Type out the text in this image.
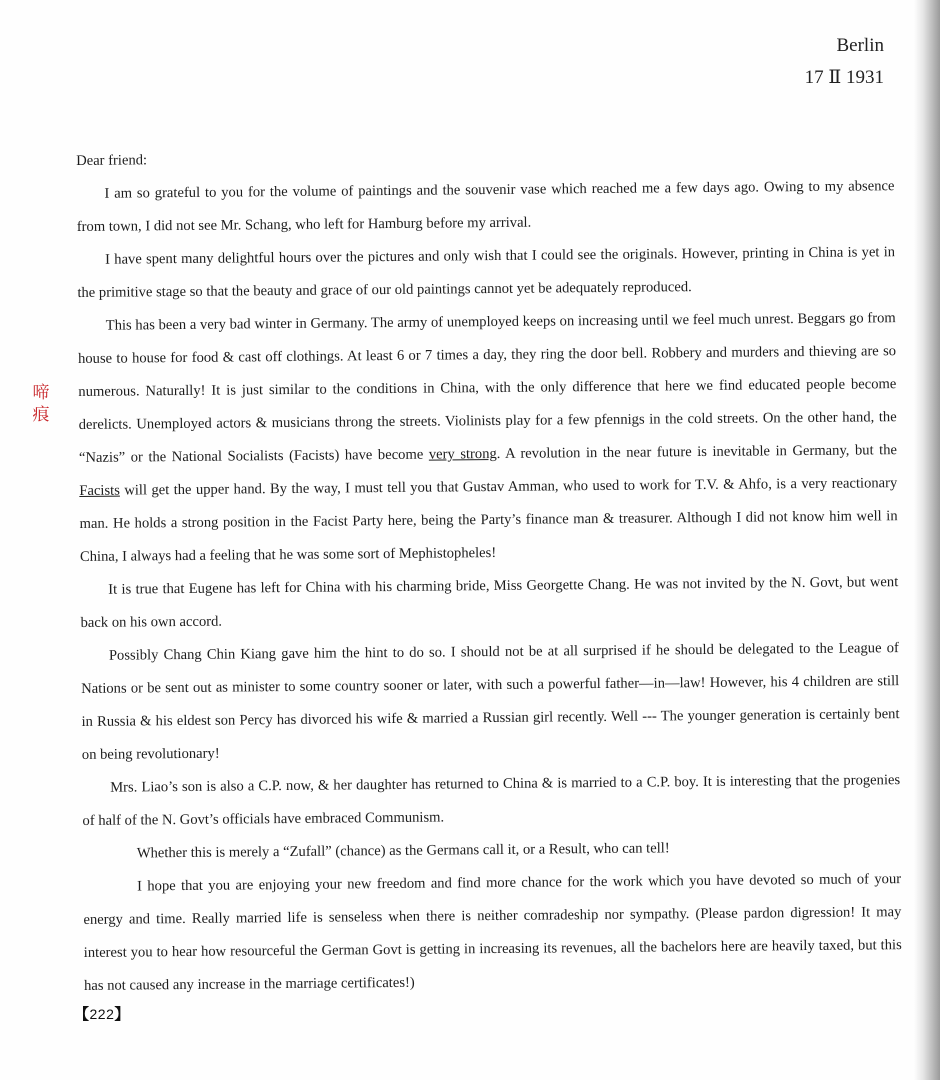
Berlin
17 Ⅱ 1931
啼痕

Dear friend:

I am so grateful to you for the volume of paintings and the souvenir vase which reached me a few days ago. Owing to my absence from town, I did not see Mr. Schang, who left for Hamburg before my arrival.

I have spent many delightful hours over the pictures and only wish that I could see the originals. However, printing in China is yet in the primitive stage so that the beauty and grace of our old paintings cannot yet be adequately reproduced.

This has been a very bad winter in Germany. The army of unemployed keeps on increasing until we feel much unrest. Beggars go from house to house for food & cast off clothings. At least 6 or 7 times a day, they ring the door bell. Robbery and murders and thieving are so numerous. Naturally! It is just similar to the conditions in China, with the only difference that here we find educated people become derelicts. Unemployed actors & musicians throng the streets. Violinists play for a few pfennigs in the cold streets. On the other hand, the “Nazis” or the National Socialists (Facists) have become very strong. A revolution in the near future is inevitable in Germany, but the Facists will get the upper hand. By the way, I must tell you that Gustav Amman, who used to work for T.V. & Ahfo, is a very reactionary man. He holds a strong position in the Facist Party here, being the Party’s finance man & treasurer. Although I did not know him well in China, I always had a feeling that he was some sort of Mephistopheles!

It is true that Eugene has left for China with his charming bride, Miss Georgette Chang. He was not invited by the N. Govt, but went back on his own accord.

Possibly Chang Chin Kiang gave him the hint to do so. I should not be at all surprised if he should be delegated to the League of Nations or be sent out as minister to some country sooner or later, with such a powerful father—in—law! However, his 4 children are still in Russia & his eldest son Percy has divorced his wife & married a Russian girl recently. Well --- The younger generation is certainly bent on being revolutionary!

Mrs. Liao’s son is also a C.P. now, & her daughter has returned to China & is married to a C.P. boy. It is interesting that the progenies of half of the N. Govt’s officials have embraced Communism.

Whether this is merely a “Zufall” (chance) as the Germans call it, or a Result, who can tell!

I hope that you are enjoying your new freedom and find more chance for the work which you have devoted so much of your energy and time. Really married life is senseless when there is neither comradeship nor sympathy. (Please pardon digression! It may interest you to hear how resourceful the German Govt is getting in increasing its revenues, all the bachelors here are heavily taxed, but this has not caused any increase in the marriage certificates!)

【222】
